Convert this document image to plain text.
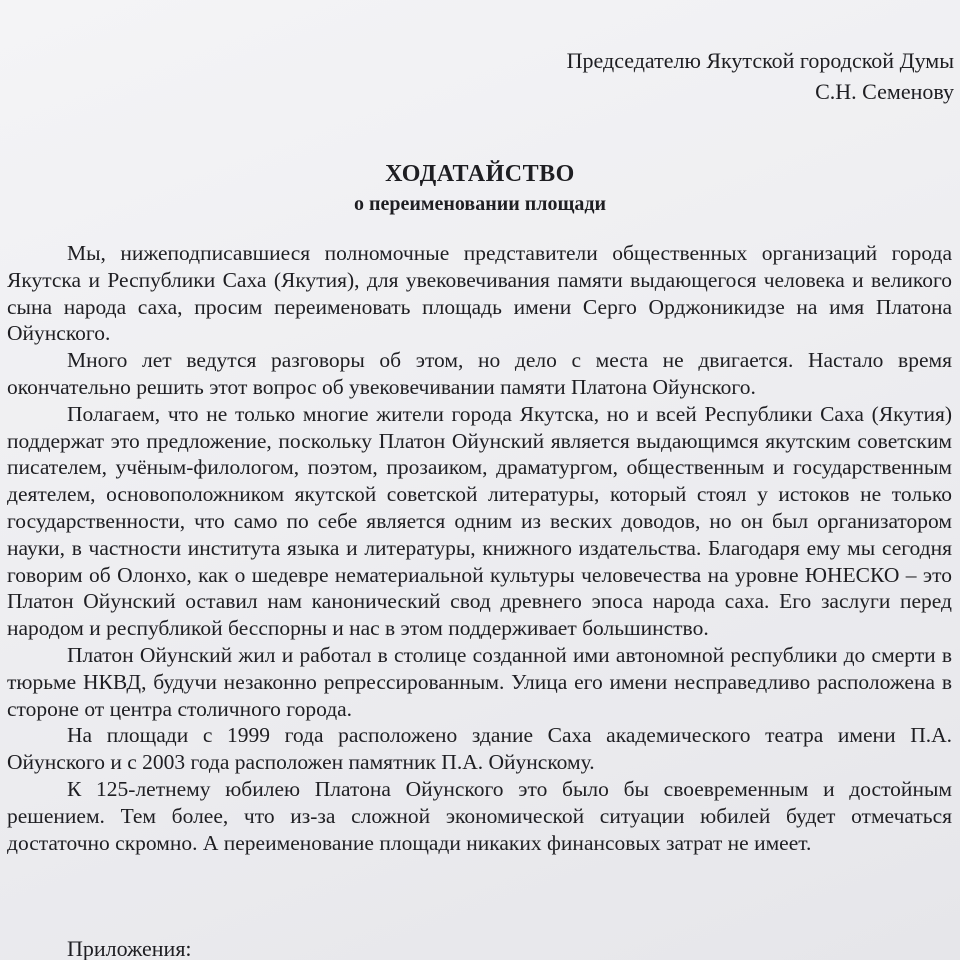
Председателю Якутской городской Думы
С.Н. Семенову
ХОДАТАЙСТВО
о переименовании площади

Мы, нижеподписавшиеся полномочные представители общественных организаций города Якутска и Республики Саха (Якутия), для увековечивания памяти выдающегося человека и великого сына народа саха, просим переименовать площадь имени Серго Орджоникидзе на имя Платона Ойунского.

Много лет ведутся разговоры об этом, но дело с места не двигается. Настало время окончательно решить этот вопрос об увековечивании памяти Платона Ойунского.

Полагаем, что не только многие жители города Якутска, но и всей Республики Саха (Якутия) поддержат это предложение, поскольку Платон Ойунский является выдающимся якутским советским писателем, учёным-филологом, поэтом, прозаиком, драматургом, общественным и государственным деятелем, основоположником якутской советской литературы, который стоял у истоков не только государственности, что само по себе является одним из веских доводов, но он был организатором науки, в частности института языка и литературы, книжного издательства. Благодаря ему мы сегодня говорим об Олонхо, как о шедевре нематериальной культуры человечества на уровне ЮНЕСКО – это Платон Ойунский оставил нам канонический свод древнего эпоса народа саха. Его заслуги перед народом и республикой бесспорны и нас в этом поддерживает большинство.

Платон Ойунский жил и работал в столице созданной ими автономной республики до смерти в тюрьме НКВД, будучи незаконно репрессированным. Улица его имени несправедливо расположена в стороне от центра столичного города.

На площади с 1999 года расположено здание Саха академического театра имени П.А. Ойунского и с 2003 года расположен памятник П.А. Ойунскому.

К 125-летнему юбилею Платона Ойунского это было бы своевременным и достойным решением. Тем более, что из-за сложной экономической ситуации юбилей будет отмечаться достаточно скромно. А переименование площади никаких финансовых затрат не имеет.

Приложения:
